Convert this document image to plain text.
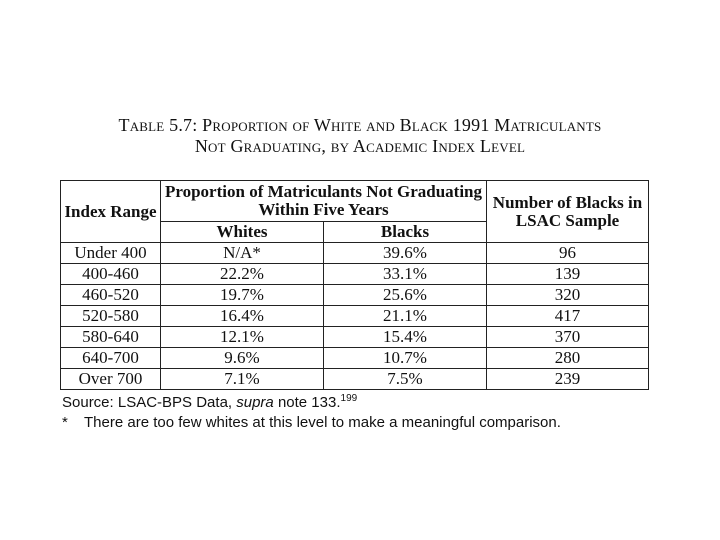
Table 5.7: Proportion of White and Black 1991 Matriculants
Not Graduating, by Academic Index Level
Index Range	Proportion of Matriculants Not Graduating Within Five Years		Number of Blacks in LSAC Sample
	Whites	Blacks	
Under 400	N/A*	39.6%	96
400-460	22.2%	33.1%	139
460-520	19.7%	25.6%	320
520-580	16.4%	21.1%	417
580-640	12.1%	15.4%	370
640-700	9.6%	10.7%	280
Over 700	7.1%	7.5%	239
Source: LSAC-BPS Data, supra note 133.$^{199}$
* There are too few whites at this level to make a meaningful comparison.
